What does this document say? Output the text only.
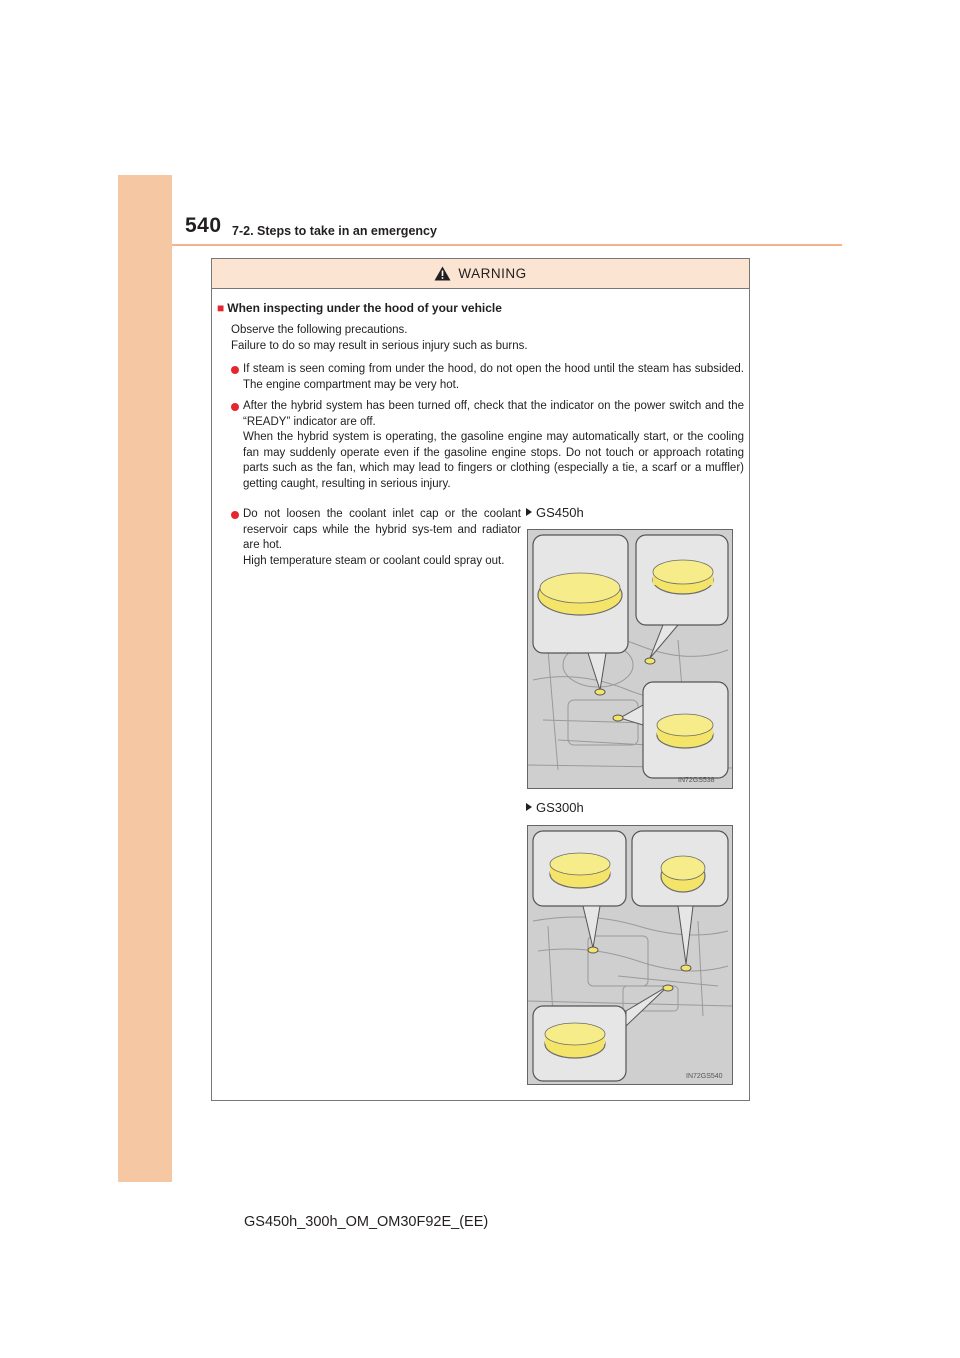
540 7-2. Steps to take in an emergency
WARNING
■ When inspecting under the hood of your vehicle
Observe the following precautions.
Failure to do so may result in serious injury such as burns.
If steam is seen coming from under the hood, do not open the hood until the steam has subsided. The engine compartment may be very hot.
After the hybrid system has been turned off, check that the indicator on the power switch and the “READY” indicator are off.
When the hybrid system is operating, the gasoline engine may automatically start, or the cooling fan may suddenly operate even if the gasoline engine stops. Do not touch or approach rotating parts such as the fan, which may lead to fingers or clothing (especially a tie, a scarf or a muffler) getting caught, resulting in serious injury.
Do not loosen the coolant inlet cap or the coolant reservoir caps while the hybrid sys-tem and radiator are hot.
High temperature steam or coolant could spray out.
GS450h
IN72GS538
GS300h
IN72GS540
GS450h_300h_OM_OM30F92E_(EE)
